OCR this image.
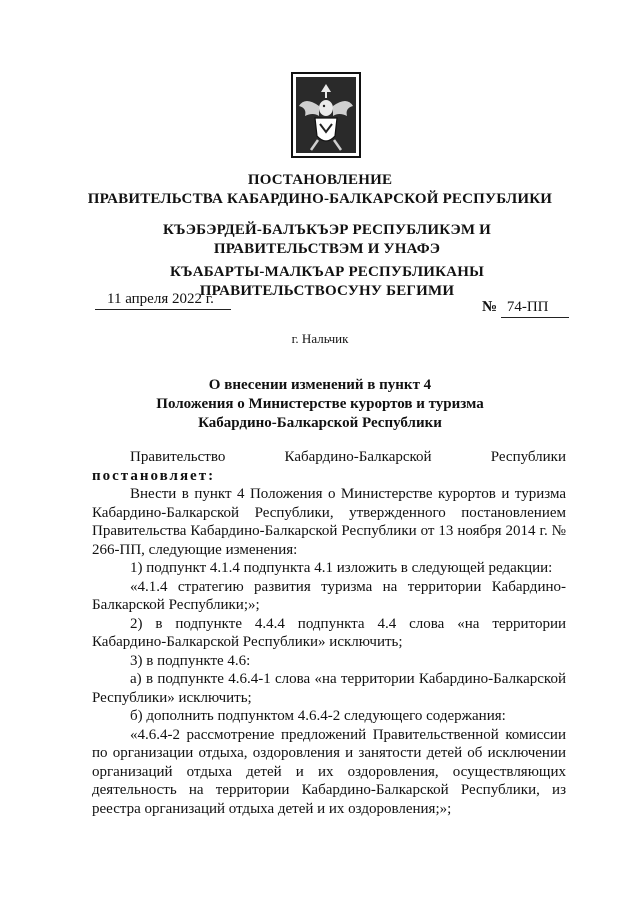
ПОСТАНОВЛЕНИЕ
ПРАВИТЕЛЬСТВА КАБАРДИНО-БАЛКАРСКОЙ РЕСПУБЛИКИ
КЪЭБЭРДЕЙ-БАЛЪКЪЭР РЕСПУБЛИКЭМ И ПРАВИТЕЛЬСТВЭМ И УНАФЭ
КЪАБАРТЫ-МАЛКЪАР РЕСПУБЛИКАНЫ ПРАВИТЕЛЬСТВОСУНУ БЕГИМИ
11 апреля 2022 г.	№ 74-ПП
г. Нальчик
О внесении изменений в пункт 4
Положения о Министерстве курортов и туризма
Кабардино-Балкарской Республики

Правительство Кабардино-Балкарской Республики

постановляет:

Внести в пункт 4 Положения о Министерстве курортов и туризма Кабардино-Балкарской Республики, утвержденного постановлением Правительства Кабардино-Балкарской Республики от 13 ноября 2014 г. № 266-ПП, следующие изменения:

1) подпункт 4.1.4 подпункта 4.1 изложить в следующей редакции:

«4.1.4 стратегию развития туризма на территории Кабардино-Балкарской Республики;»;

2) в подпункте 4.4.4 подпункта 4.4 слова «на территории Кабардино-Балкарской Республики» исключить;

3) в подпункте 4.6:

а) в подпункте 4.6.4-1 слова «на территории Кабардино-Балкарской Республики» исключить;

б) дополнить подпунктом 4.6.4-2 следующего содержания:

«4.6.4-2 рассмотрение предложений Правительственной комиссии по организации отдыха, оздоровления и занятости детей об исключении организаций отдыха детей и их оздоровления, осуществляющих деятельность на территории Кабардино-Балкарской Республики, из реестра организаций отдыха детей и их оздоровления;»;
